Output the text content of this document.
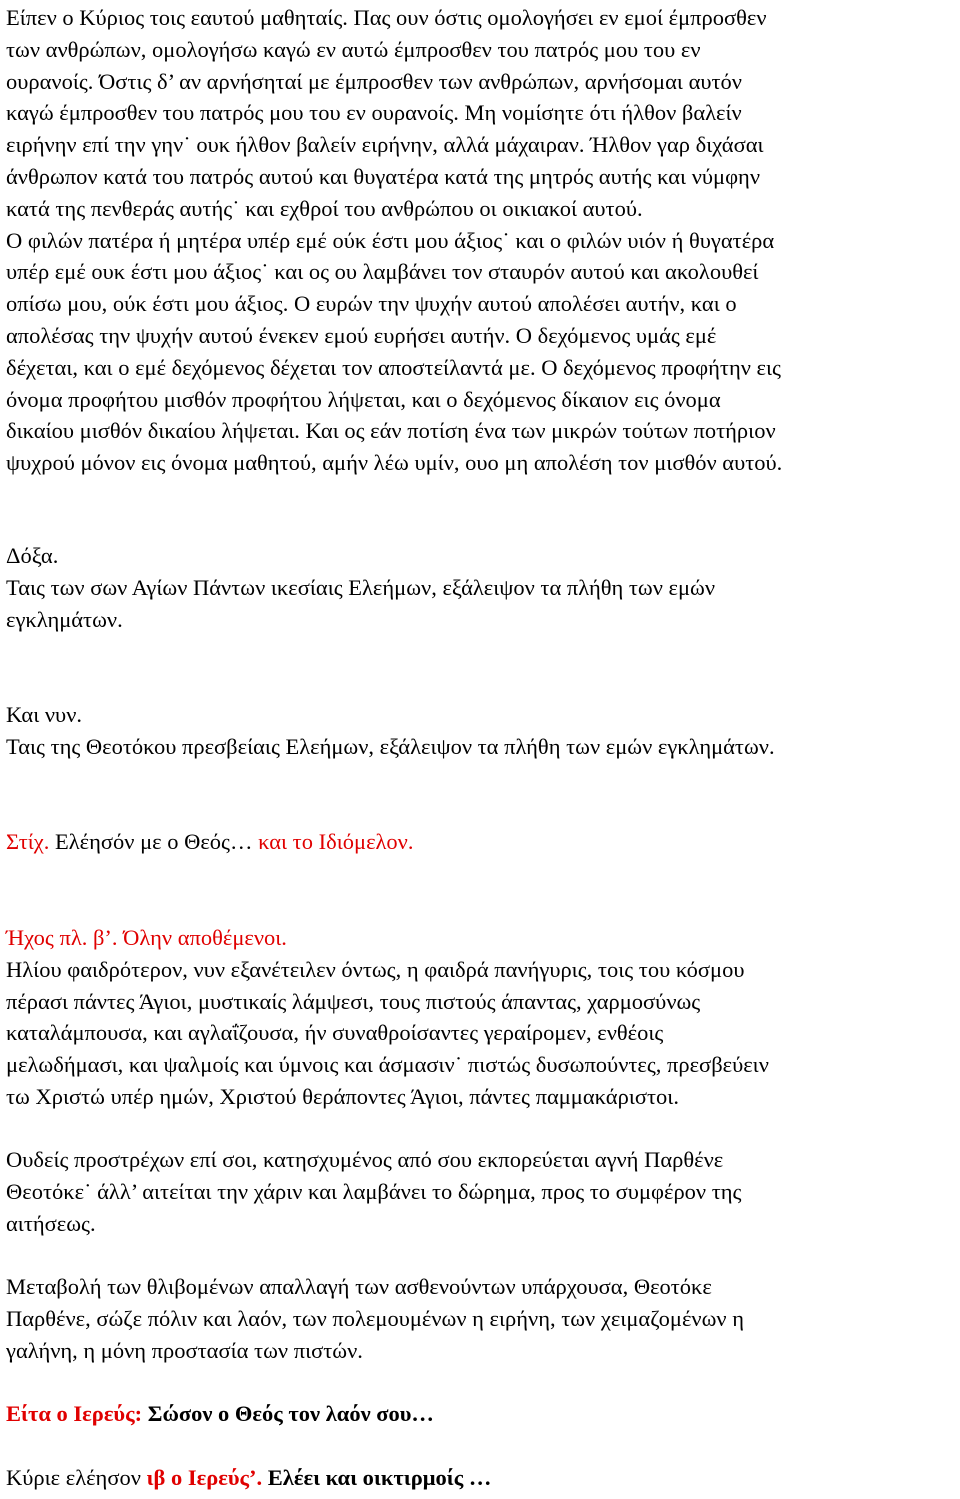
Είπεν ο Κύριος τοις εαυτού μαθηταίς. Πας ουν όστις ομολογήσει εν εμοί έμπροσθεν
των ανθρώπων, ομολογήσω καγώ εν αυτώ έμπροσθεν του πατρός μου του εν
ουρανοίς. Όστις δ’ αν αρνήσηταί με έμπροσθεν των ανθρώπων, αρνήσομαι αυτόν
καγώ έμπροσθεν του πατρός μου του εν ουρανοίς. Μη νομίσητε ότι ήλθον βαλείν
ειρήνην επί την γην˙ ουκ ήλθον βαλείν ειρήνην, αλλά μάχαιραν. Ήλθον γαρ διχάσαι
άνθρωπον κατά του πατρός αυτού και θυγατέρα κατά της μητρός αυτής και νύμφην
κατά της πενθεράς αυτής˙ και εχθροί του ανθρώπου οι οικιακοί αυτού.
Ο φιλών πατέρα ή μητέρα υπέρ εμέ ούκ έστι μου άξιος˙ και ο φιλών υιόν ή θυγατέρα
υπέρ εμέ ουκ έστι μου άξιος˙ και ος ου λαμβάνει τον σταυρόν αυτού και ακολουθεί
οπίσω μου, ούκ έστι μου άξιος. Ο ευρών την ψυχήν αυτού απολέσει αυτήν, και ο
απολέσας την ψυχήν αυτού ένεκεν εμού ευρήσει αυτήν. Ο δεχόμενος υμάς εμέ
δέχεται, και ο εμέ δεχόμενος δέχεται τον αποστείλαντά με. Ο δεχόμενος προφήτην εις
όνομα προφήτου μισθόν προφήτου λήψεται, και ο δεχόμενος δίκαιον εις όνομα
δικαίου μισθόν δικαίου λήψεται. Και ος εάν ποτίση ένα των μικρών τούτων ποτήριον
ψυχρού μόνον εις όνομα μαθητού, αμήν λέω υμίν, ουο μη απολέση τον μισθόν αυτού.
Δόξα.
Ταις των σων Αγίων Πάντων ικεσίαις Ελεήμων, εξάλειψον τα πλήθη των εμών
εγκλημάτων.
Και νυν.
Ταις της Θεοτόκου πρεσβείαις Ελεήμων, εξάλειψον τα πλήθη των εμών εγκλημάτων.
Στίχ. Ελέησόν με ο Θεός… και το Ιδιόμελον.
Ήχος πλ. β’. Όλην αποθέμενοι.
Ηλίου φαιδρότερον, νυν εξανέτειλεν όντως, η φαιδρά πανήγυρις, τοις του κόσμου
πέρασι πάντες Άγιοι, μυστικαίς λάμψεσι, τους πιστούς άπαντας, χαρμοσύνως
καταλάμπουσα, και αγλαΐζουσα, ήν συναθροίσαντες γεραίρομεν, ενθέοις
μελωδήμασι, και ψαλμοίς και ύμνοις και άσμασιν˙ πιστώς δυσωπούντες, πρεσβεύειν
τω Χριστώ υπέρ ημών, Χριστού θεράποντες Άγιοι, πάντες παμμακάριστοι.
Ουδείς προστρέχων επί σοι, κατησχυμένος από σου εκπορεύεται αγνή Παρθένε
Θεοτόκε˙ άλλ’ αιτείται την χάριν και λαμβάνει το δώρημα, προς το συμφέρον της
αιτήσεως.
Μεταβολή των θλιβομένων απαλλαγή των ασθενούντων υπάρχουσα, Θεοτόκε
Παρθένε, σώζε πόλιν και λαόν, των πολεμουμένων η ειρήνη, των χειμαζομένων η
γαλήνη, η μόνη προστασία των πιστών.
Είτα ο Ιερεύς: Σώσον ο Θεός τον λαόν σου…
Κύριε ελέησον ιβ ο Ιερεύς’. Ελέει και οικτιρμοίς …
